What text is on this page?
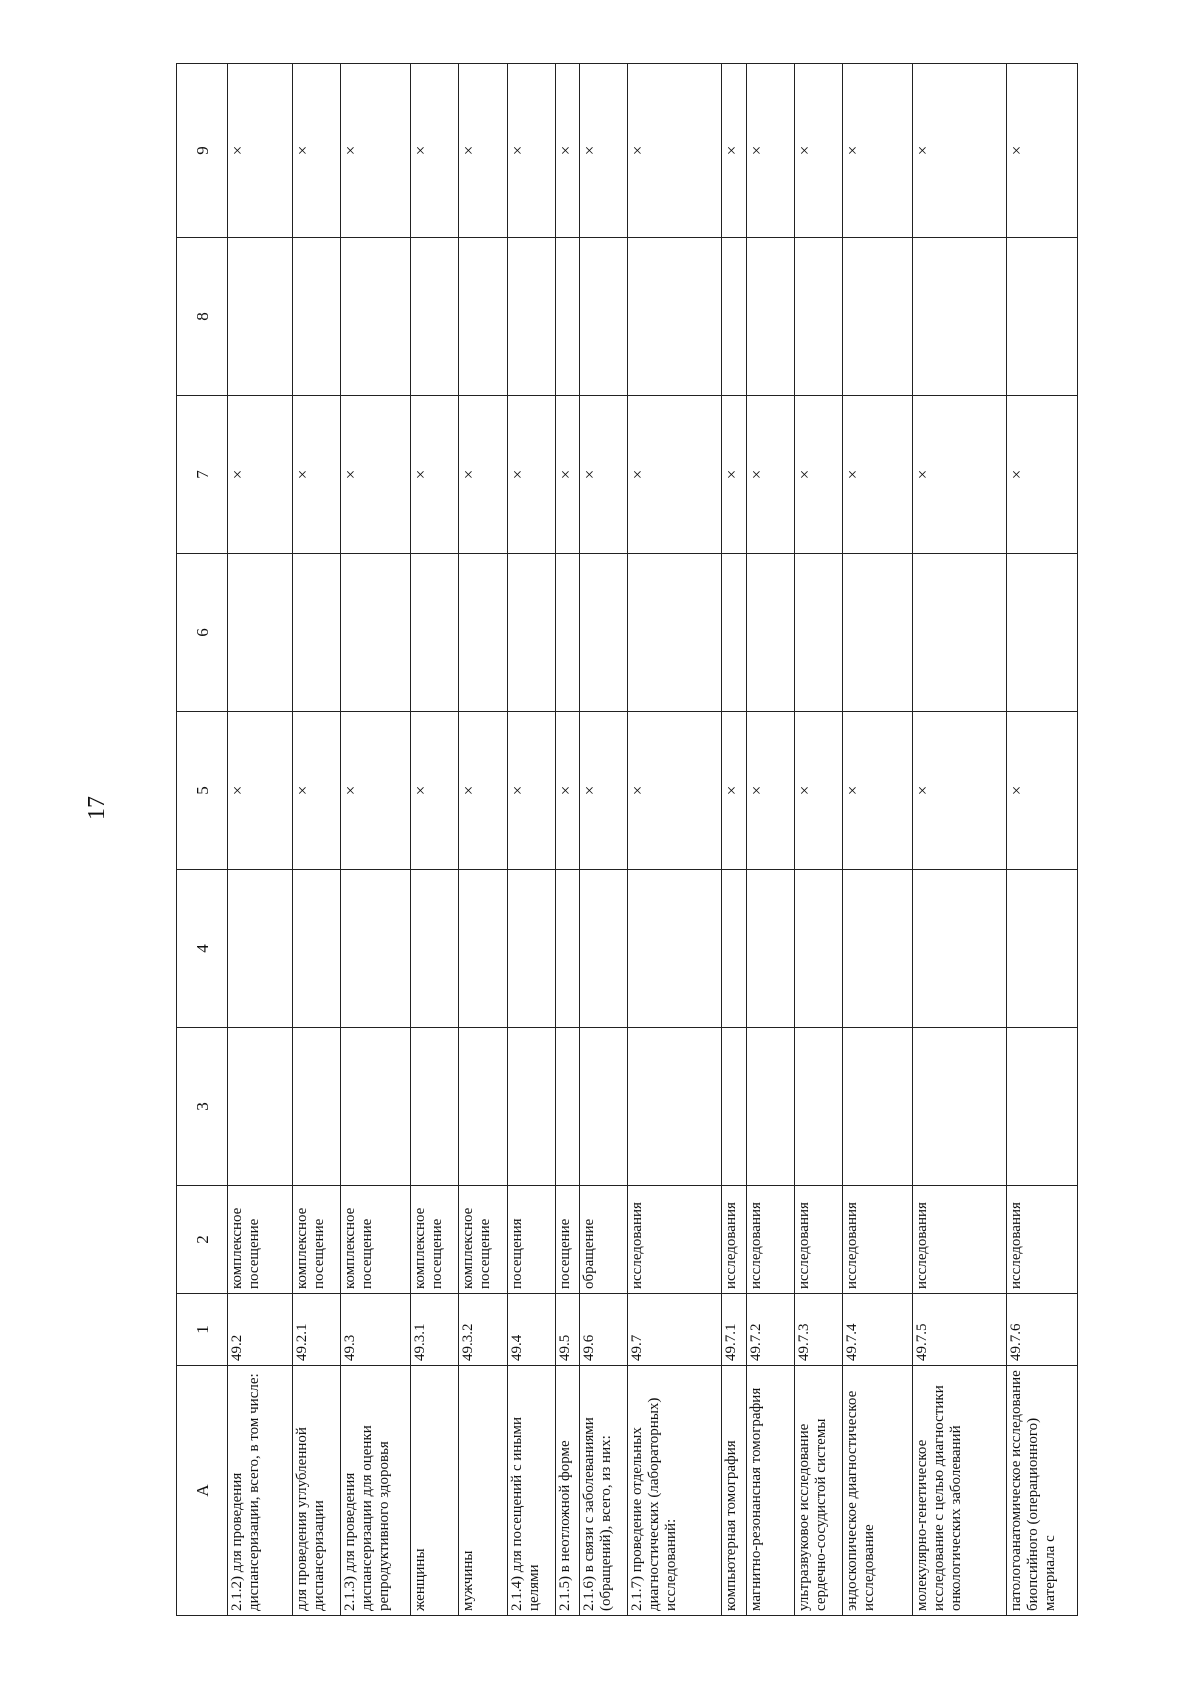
17
A	1	2	3	4	5	6	7	8	9
2.1.2) для проведения диспансеризации, всего, в том числе:	49.2	комплексное посещение			×		×		×
для проведения углубленной диспансеризации	49.2.1	комплексное посещение			×		×		×
2.1.3) для проведения диспансеризации для оценки репродуктивного здоровья	49.3	комплексное посещение			×		×		×
женщины	49.3.1	комплексное посещение			×		×		×
мужчины	49.3.2	комплексное посещение			×		×		×
2.1.4) для посещений с иными целями	49.4	посещения			×		×		×
2.1.5) в неотложной форме	49.5	посещение			×		×		×
2.1.6) в связи с заболеваниями (обращений), всего, из них:	49.6	обращение			×		×		×
2.1.7) проведение отдельных диагностических (лабораторных) исследований:	49.7	исследования			×		×		×
компьютерная томография	49.7.1	исследования			×		×		×
магнитно-резонансная томография	49.7.2	исследования			×		×		×
ультразвуковое исследование сердечно-сосудистой системы	49.7.3	исследования			×		×		×
эндоскопическое диагностическое исследование	49.7.4	исследования			×		×		×
молекулярно-генетическое исследование с целью диагностики онкологических заболеваний	49.7.5	исследования			×		×		×
патологоанатомическое исследование биопсийного (операционного) материала с	49.7.6	исследования			×		×		×
